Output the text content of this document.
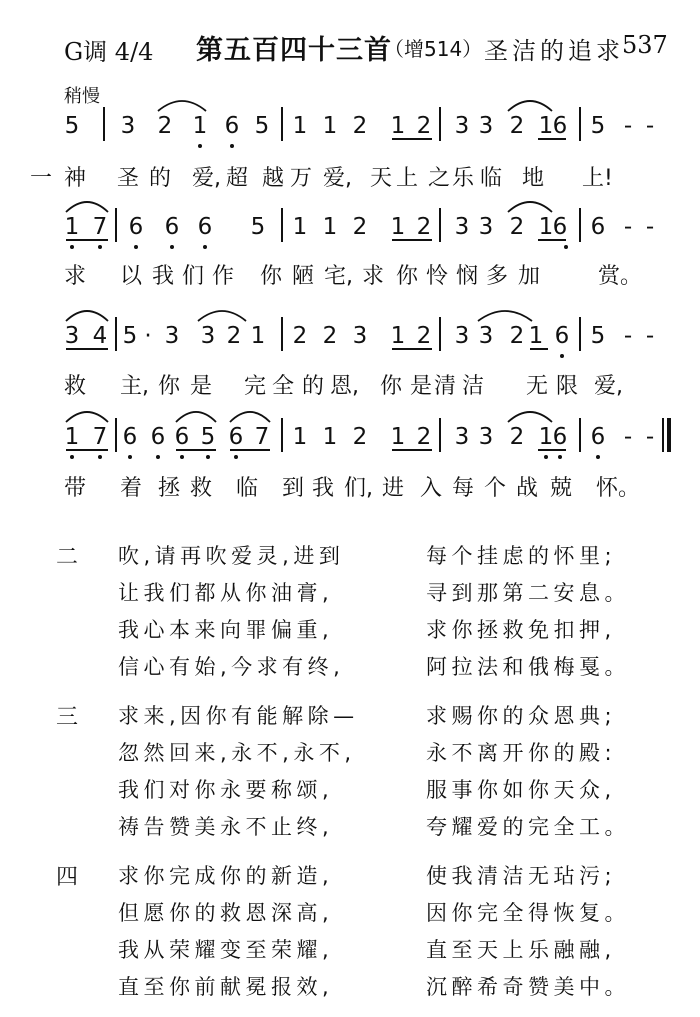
G调 4/4 第五百四十三首
（增514） 圣洁的追求
537
稍慢
5 3 2 1 6 5 1 1 2 1 2 3 3 2 1 6 5 - -
1 7 6 6 6 5 1 1 2 1 2 3 3 2 1 6 6 - -
3 4 5 · 3 3 2 1 2 2 3 1 2 3 3 2 1 6 5 - -
1 7 6 6 6 5 6 7 1 1 2 1 2 3 3 2 1 6 6 - -
一 神 圣 的 爱, 超 越 万 爱, 天 上 之 乐 临 地 上!
求 以 我 们 作 你 陋 宅, 求 你 怜 悯 多 加	赏。
救 主, 你 是 完 全 的 恩, 你 是 清 洁 无 限 爱,
带 着 拯 救 临 到 我 们, 进 入 每 个 战 兢 怀。
二 吹,请再吹爱灵,进到	每个挂虑的怀里;
让我们都从你油膏,	寻到那第二安息。
我心本来向罪偏重,	求你拯救免扣押,
信心有始,今求有终,	阿拉法和俄梅戛。
三 求来,因你有能解除—	求赐你的众恩典;
忽然回来,永不,永不,	永不离开你的殿:
我们对你永要称颂,	服事你如你天众,
祷告赞美永不止终,	夸耀爱的完全工。
四 求你完成你的新造,	使我清洁无玷污;
但愿你的救恩深高,	因你完全得恢复。
我从荣耀变至荣耀,	直至天上乐融融,
直至你前献冕报效,	沉醉希奇赞美中。
